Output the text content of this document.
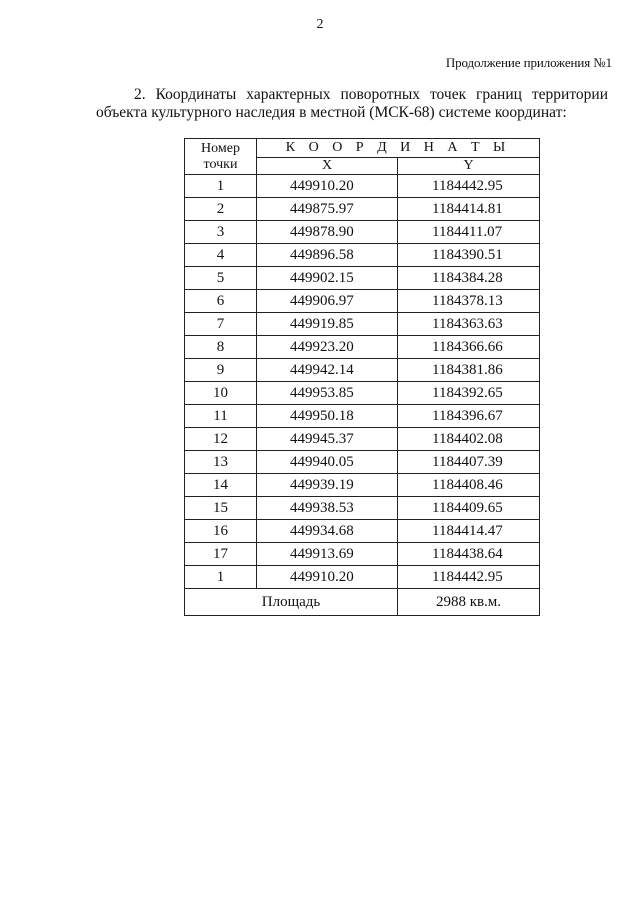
2
Продолжение приложения №1

2. Координаты характерных поворотных точек границ территории
объекта культурного наследия в местной (МСК-68) системе координат:

Номер точки	К О О Р Д И Н А Т Ы	
	X	Y
1	449910.20	1184442.95
2	449875.97	1184414.81
3	449878.90	1184411.07
4	449896.58	1184390.51
5	449902.15	1184384.28
6	449906.97	1184378.13
7	449919.85	1184363.63
8	449923.20	1184366.66
9	449942.14	1184381.86
10	449953.85	1184392.65
11	449950.18	1184396.67
12	449945.37	1184402.08
13	449940.05	1184407.39
14	449939.19	1184408.46
15	449938.53	1184409.65
16	449934.68	1184414.47
17	449913.69	1184438.64
1	449910.20	1184442.95
Площадь		2988 кв.м.
